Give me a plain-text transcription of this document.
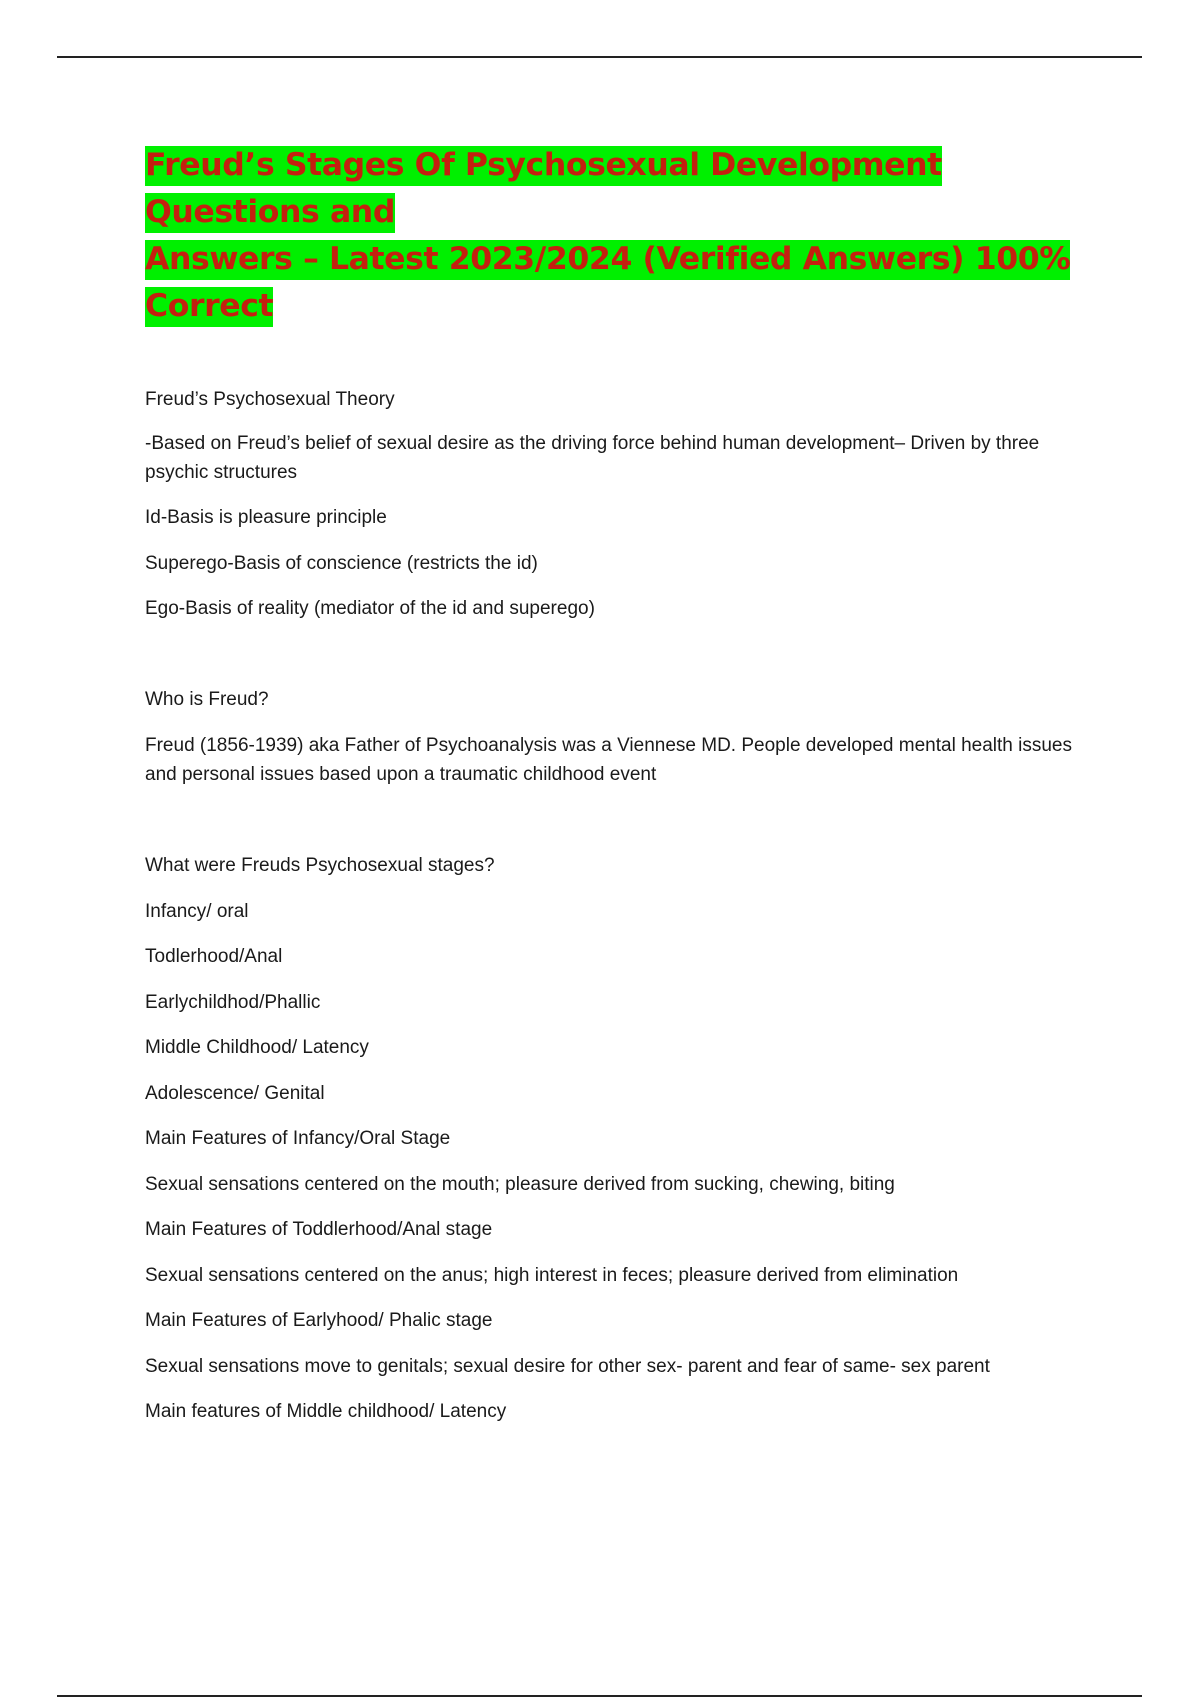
Freud’s Stages Of Psychosexual Development Questions and
Answers – Latest 2023/2024 (Verified Answers) 100% Correct

Freud’s Psychosexual Theory

-Based on Freud’s belief of sexual desire as the driving force behind human development– Driven by three psychic structures

Id-Basis is pleasure principle

Superego-Basis of conscience (restricts the id)

Ego-Basis of reality (mediator of the id and superego)

Who is Freud?

Freud (1856-1939) aka Father of Psychoanalysis was a Viennese MD. People developed mental health issues and personal issues based upon a traumatic childhood event

What were Freuds Psychosexual stages?

Infancy/ oral

Todlerhood/Anal

Earlychildhod/Phallic

Middle Childhood/ Latency

Adolescence/ Genital

Main Features of Infancy/Oral Stage

Sexual sensations centered on the mouth; pleasure derived from sucking, chewing, biting

Main Features of Toddlerhood/Anal stage

Sexual sensations centered on the anus; high interest in feces; pleasure derived from elimination

Main Features of Earlyhood/ Phalic stage

Sexual sensations move to genitals; sexual desire for other sex- parent and fear of same- sex parent

Main features of Middle childhood/ Latency
